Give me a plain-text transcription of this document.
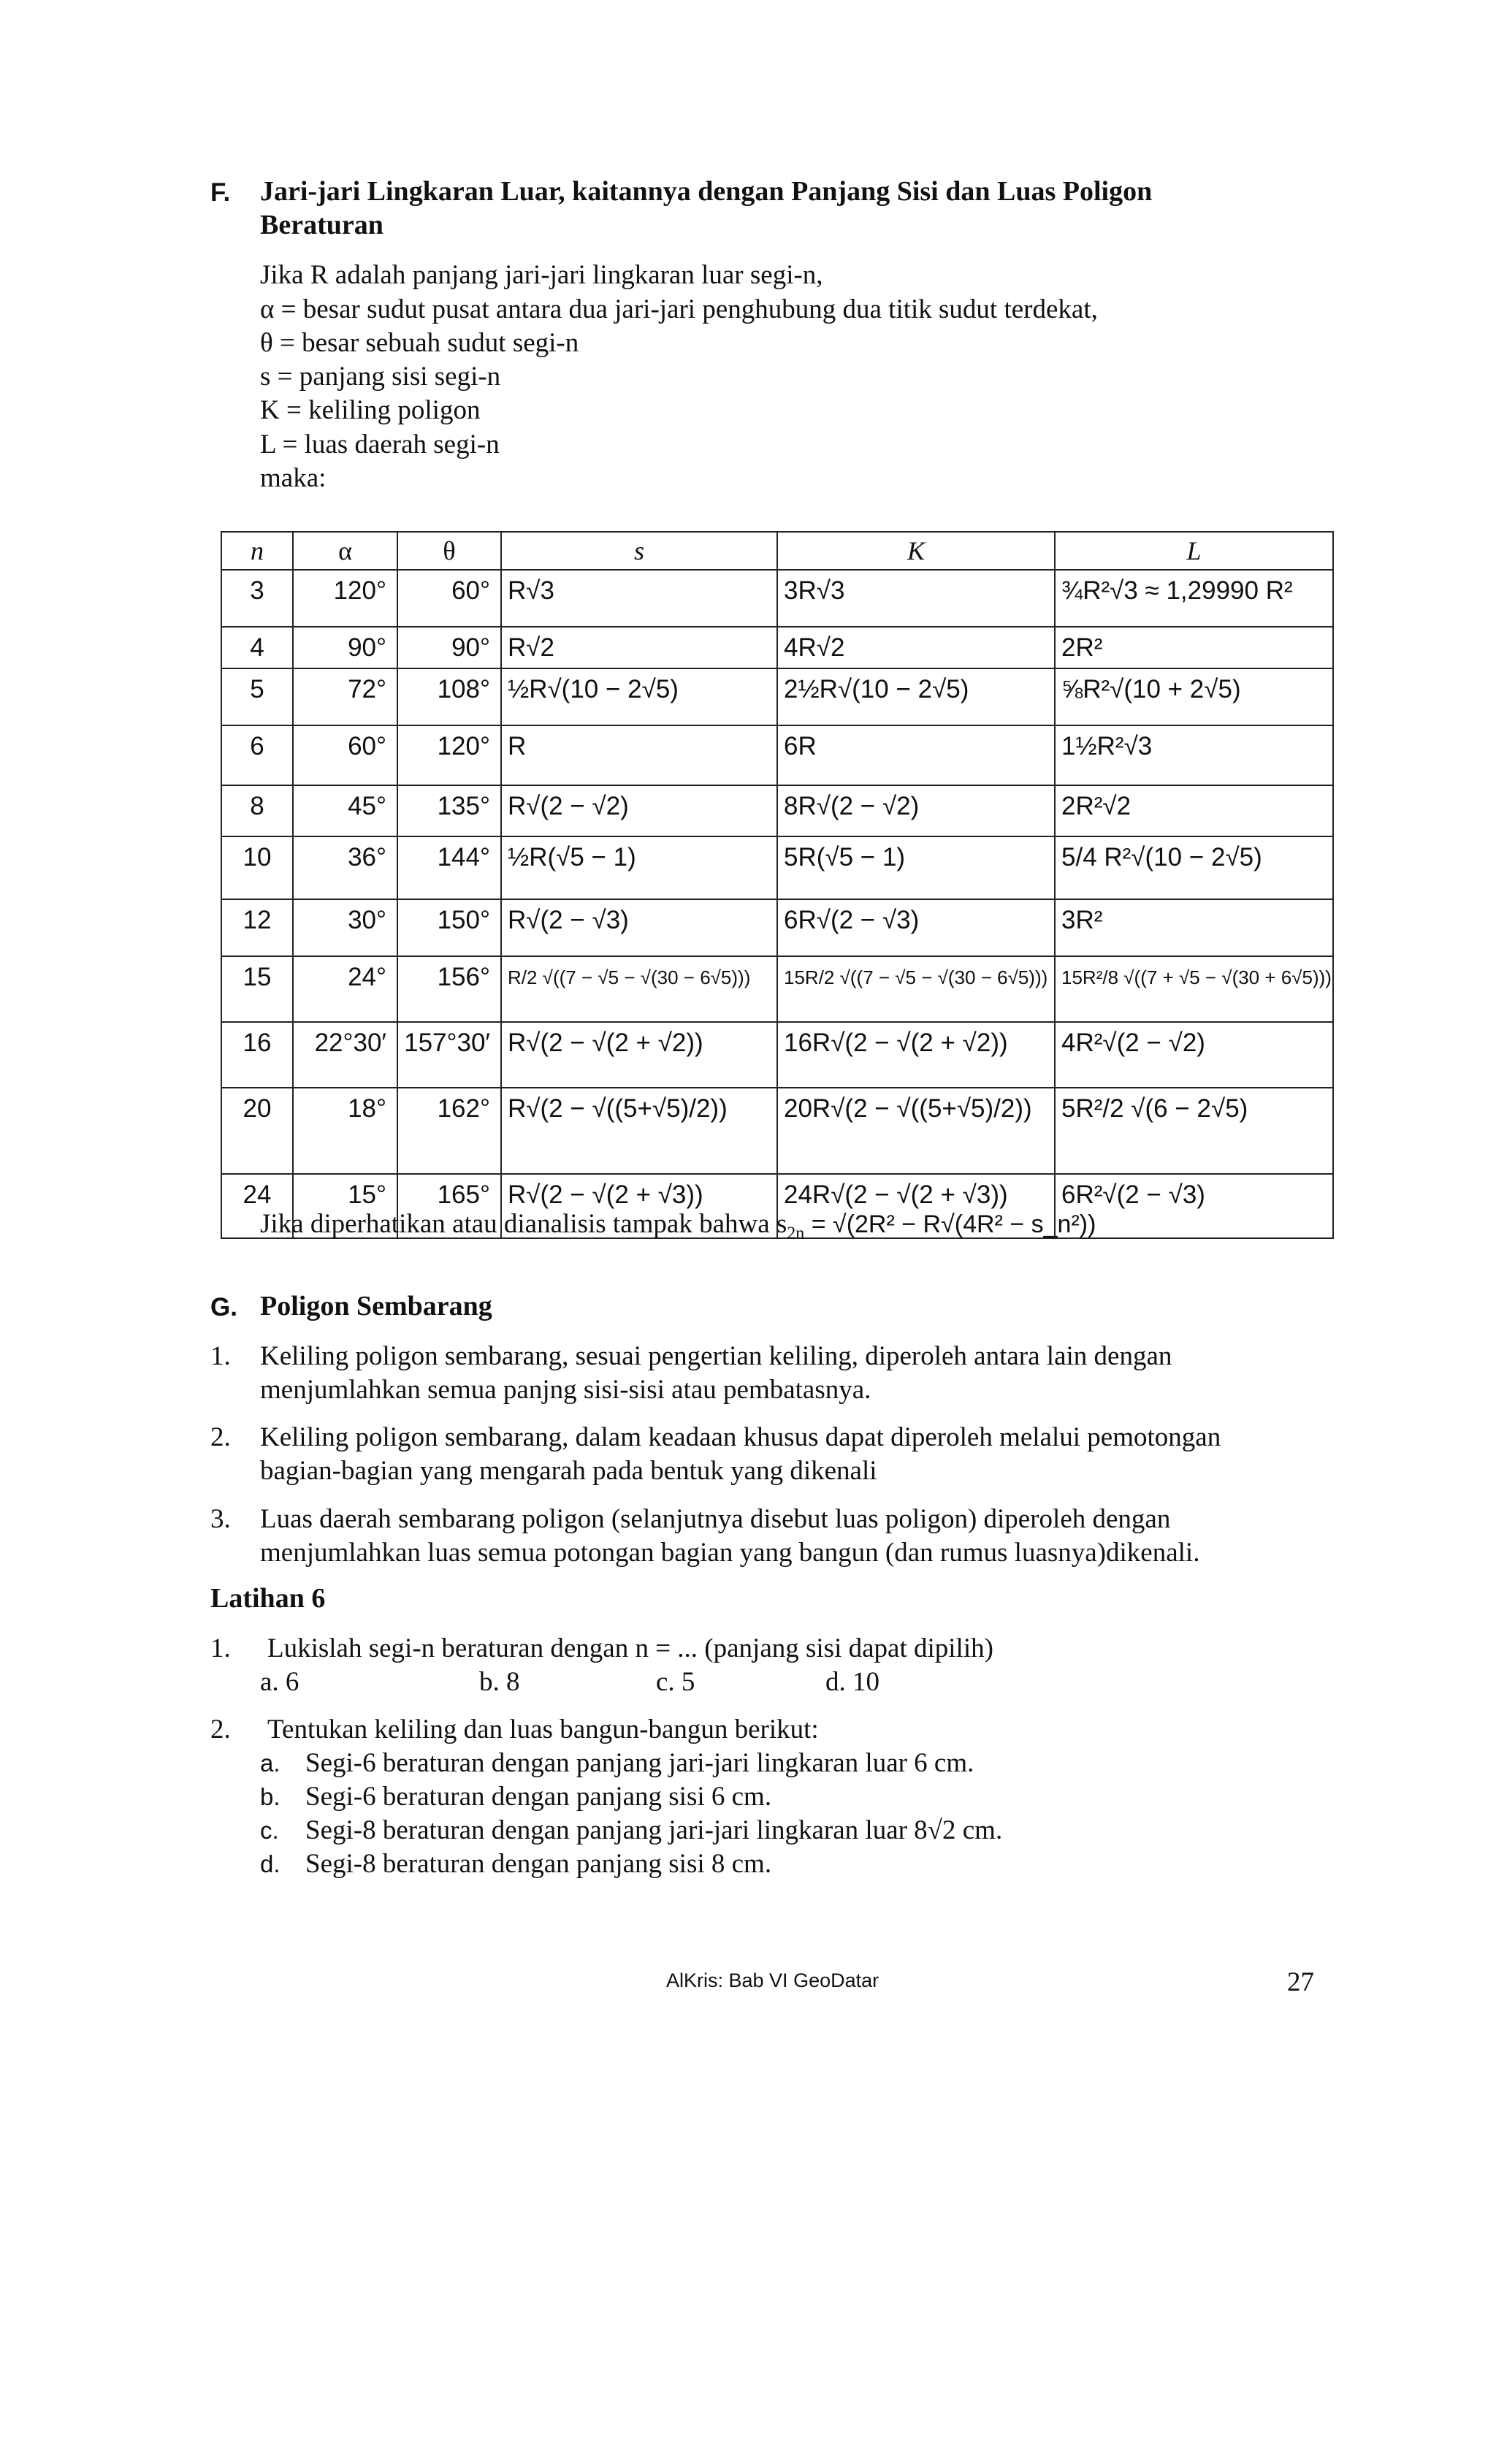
F. Jari-jari Lingkaran Luar, kaitannya dengan Panjang Sisi dan Luas Poligon
Beraturan
Jika R adalah panjang jari-jari lingkaran luar segi-n,
α = besar sudut pusat antara dua jari-jari penghubung dua titik sudut terdekat,
θ = besar sebuah sudut segi-n
s = panjang sisi segi-n
K = keliling poligon
L = luas daerah segi-n
maka:
n	α	θ	s	K	L
3	120°	60°	R√3	3R√3	¾R²√3 ≈ 1,29990 R²
4	90°	90°	R√2	4R√2	2R²
5	72°	108°	½R√(10 − 2√5)	2½R√(10 − 2√5)	⅝R²√(10 + 2√5)
6	60°	120°	R	6R	1½R²√3
8	45°	135°	R√(2 − √2)	8R√(2 − √2)	2R²√2
10	36°	144°	½R(√5 − 1)	5R(√5 − 1)	5/4 R²√(10 − 2√5)
12	30°	150°	R√(2 − √3)	6R√(2 − √3)	3R²
15	24°	156°	R/2 √((7 − √5 − √(30 − 6√5)))	15R/2 √((7 − √5 − √(30 − 6√5)))	15R²/8 √((7 + √5 − √(30 + 6√5)))
16	22°30′	157°30′	R√(2 − √(2 + √2))	16R√(2 − √(2 + √2))	4R²√(2 − √2)
20	18°	162°	R√(2 − √((5+√5)/2))	20R√(2 − √((5+√5)/2))	5R²/2 √(6 − 2√5)
24	15°	165°	R√(2 − √(2 + √3))	24R√(2 − √(2 + √3))	6R²√(2 − √3)
Jika diperhatikan atau dianalisis tampak bahwa $s_{2n} = √(2R^2 - R√(4R^2$ − s_n²))
G. Poligon Sembarang
1. Keliling poligon sembarang, sesuai pengertian keliling, diperoleh antara lain dengan
menjumlahkan semua panjng sisi-sisi atau pembatasnya.
2. Keliling poligon sembarang, dalam keadaan khusus dapat diperoleh melalui pemotongan
bagian-bagian yang mengarah pada bentuk yang dikenali
3. Luas daerah sembarang poligon (selanjutnya disebut luas poligon) diperoleh dengan
menjumlahkan luas semua potongan bagian yang bangun (dan rumus luasnya)dikenali.
Latihan 6
1. Lukislah segi-n beraturan dengan n = ... (panjang sisi dapat dipilih)
a. 6	b. 8	c. 5	d. 10
2. Tentukan keliling dan luas bangun-bangun berikut:
a. Segi-6 beraturan dengan panjang jari-jari lingkaran luar 6 cm.
b. Segi-6 beraturan dengan panjang sisi 6 cm.
c. Segi-8 beraturan dengan panjang jari-jari lingkaran luar 8√2 cm.
d. Segi-8 beraturan dengan panjang sisi 8 cm.
AlKris: Bab VI GeoDatar	27
